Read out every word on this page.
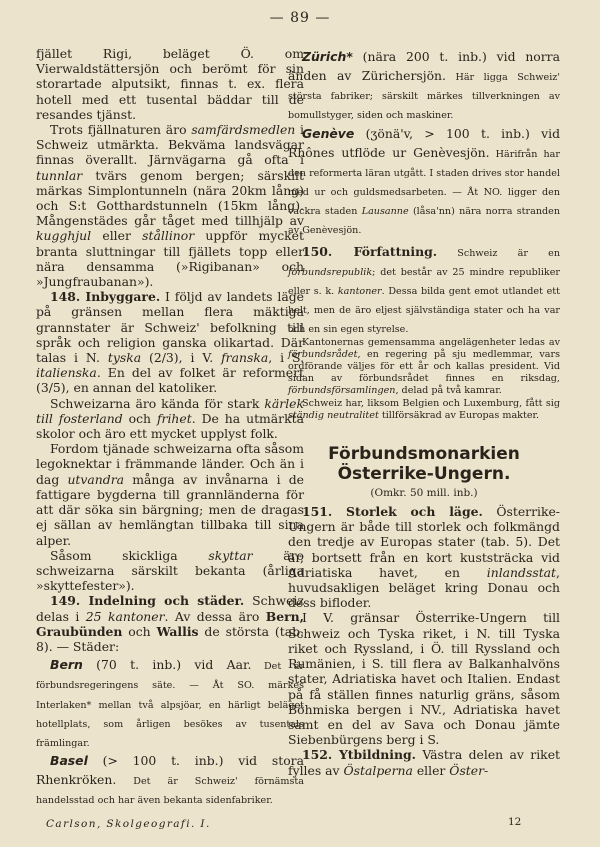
— 89 —

fjället Rigi, beläget Ö. om Vierwaldstättersjön och berömt för sin storartade alputsikt, finnas t. ex. flera hotell med ett tusental bäddar till de resandes tjänst.

Trots fjällnaturen äro samfärdsmedlen i Schweiz utmärkta. Bekväma landsvägar finnas överallt. Järnvägarna gå ofta i tunnlar tvärs genom bergen; särskilt märkas Simplontunneln (nära 20km lång) och S:t Gotthardstunneln (15km lång). Mångenstädes går tåget med tillhjälp av kugghjul eller stållinor uppför mycket branta sluttningar till fjällets topp eller nära densamma (»Rigibanan» och »Jungfraubanan»).

148. Inbyggare. I följd av landets läge på gränsen mellan flera mäktiga grannstater är Schweiz' befolkning till språk och religion ganska olikartad. Där talas i N. tyska (2/3), i V. franska, i S. italienska. En del av folket är reformert (3/5), en annan del katoliker.

Schweizarna äro kända för stark kärlek till fosterland och frihet. De ha utmärkta skolor och äro ett mycket upplyst folk.

Fordom tjänade schweizarna ofta såsom legoknektar i främmande länder. Och än i dag utvandra många av invånarna i de fattigare bygderna till grannländerna för att där söka sin bärgning; men de dragas ej sällan av hemlängtan tillbaka till sina alper.

Såsom skickliga skyttar äro schweizarna särskilt bekanta (årliga »skyttefester»).

149. Indelning och städer. Schweiz delas i 25 kantoner. Av dessa äro Bern, Graubünden och Wallis de största (tab. 8). — Städer:

Bern (70 t. inb.) vid Aar. Det är förbundsregeringens säte. — Åt SO. märkes Interlaken* mellan två alpsjöar, en härligt beläget hotellplats, som årligen besökes av tusentals främlingar.

Basel (> 100 t. inb.) vid stora Rhenkröken. Det är Schweiz' förnämsta handelsstad och har även bekanta sidenfabriker.

Zürich* (nära 200 t. inb.) vid norra änden av Zürichersjön. Här ligga Schweiz' största fabriker; särskilt märkes tillverkningen av bomullstyger, siden och maskiner.

Genève (ʒönä'v, > 100 t. inb.) vid Rhônes utflöde ur Genèvesjön. Härifrån har den reformerta läran utgått. I staden drives stor handel med ur och guldsmedsarbeten. — Åt NO. ligger den vackra staden Lausanne (låsa'nn) nära norra stranden av Genèvesjön.

150. Författning. Schweiz är en förbundsrepublik; det består av 25 mindre republiker eller s. k. kantoner. Dessa bilda gent emot utlandet ett helt, men de äro eljest självständiga stater och ha var och en sin egen styrelse.

Kantonernas gemensamma angelägenheter ledas av förbundsrådet, en regering på sju medlemmar, vars ordförande väljes för ett år och kallas president. Vid sidan av förbundsrådet finnes en riksdag, förbundsförsamlingen, delad på två kamrar.

Schweiz har, liksom Belgien och Luxemburg, fått sig ständig neutralitet tillförsäkrad av Europas makter.

Förbundsmonarkien
Österrike-Ungern.
(Omkr. 50 mill. inb.)

151. Storlek och läge. Österrike-Ungern är både till storlek och folkmängd den tredje av Europas stater (tab. 5). Det är, bortsett från en kort kuststräcka vid Adriatiska havet, en inlandsstat, huvudsakligen beläget kring Donau och dess bifloder.

I V. gränsar Österrike-Ungern till Schweiz och Tyska riket, i N. till Tyska riket och Ryssland, i Ö. till Ryssland och Rumänien, i S. till flera av Balkanhalvöns stater, Adriatiska havet och Italien. Endast på få ställen finnes naturlig gräns, såsom Böhmiska bergen i NV., Adriatiska havet samt en del av Sava och Donau jämte Siebenbürgens berg i S.

152. Ytbildning. Västra delen av riket fylles av Östalperna eller Öster-

Carlson, Skolgeografi. I.	12
